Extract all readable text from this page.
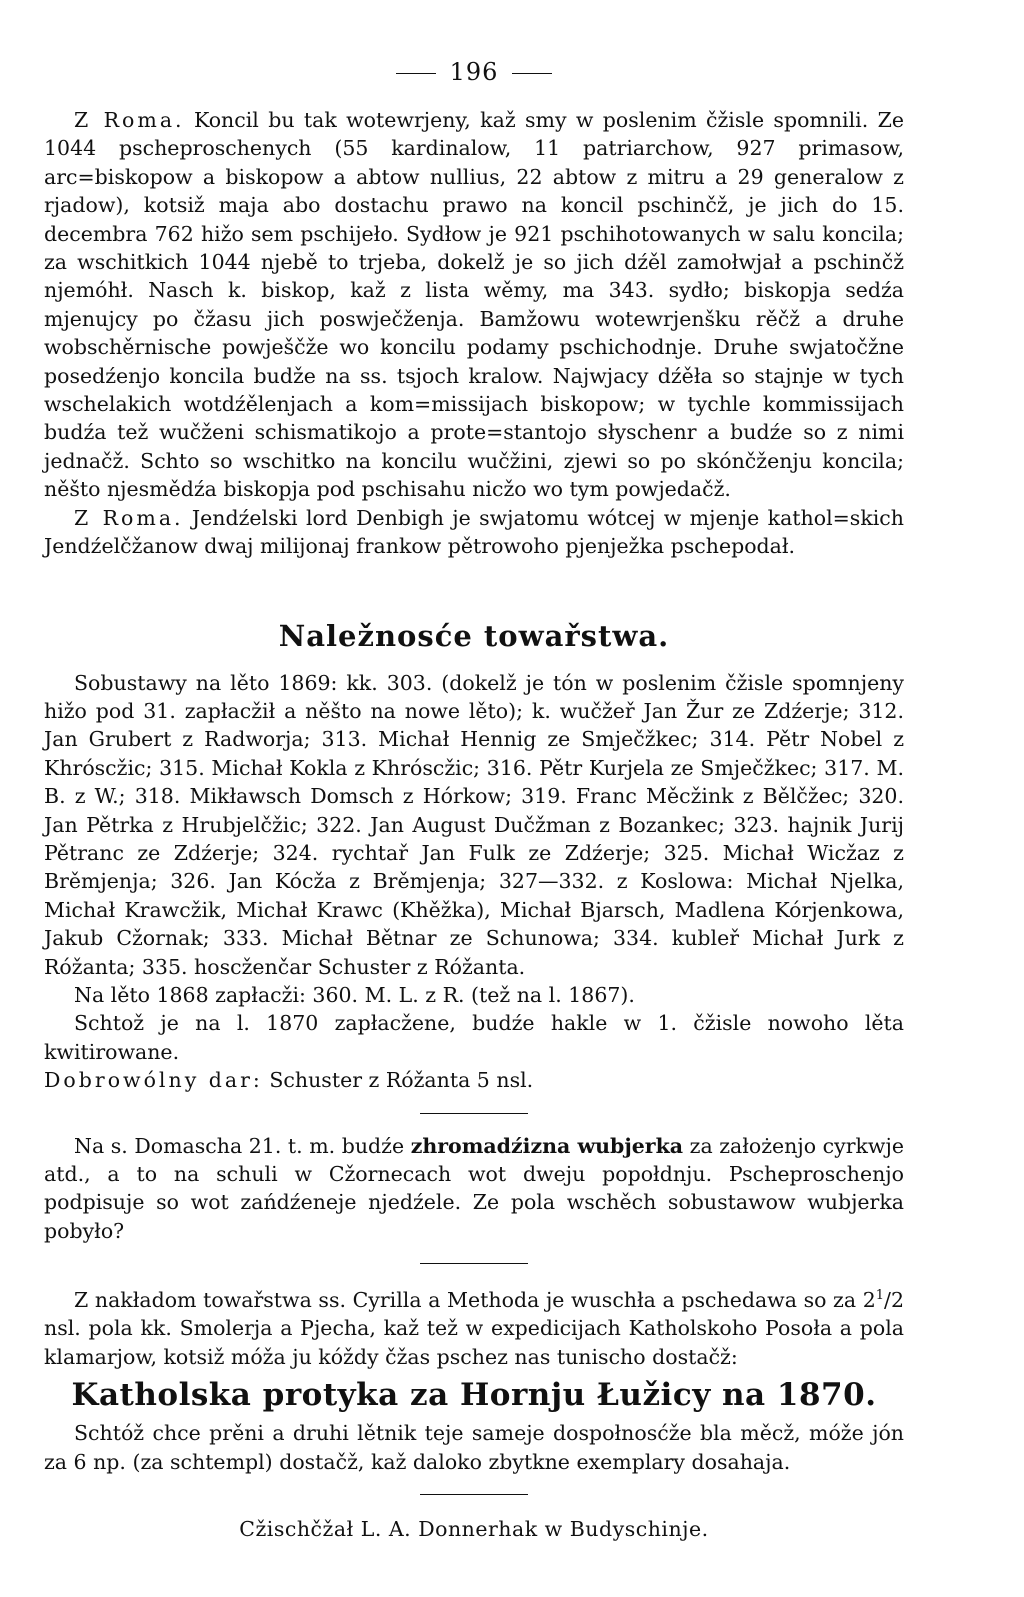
196

Z Roma. Koncil bu tak wotewrjeny, kaž smy w poslenim čžisle spomnili. Ze 1044 pscheproschenych (55 kardinalow, 11 patriarchow, 927 primasow, arc=biskopow a biskopow a abtow nullius, 22 abtow z mitru a 29 generalow z rjadow), kotsiž maja abo dostachu prawo na koncil pschinčž, je jich do 15. decembra 762 hižo sem pschijeło. Sydłow je 921 pschihotowanych w salu koncila; za wschitkich 1044 njebě to trjeba, dokelž je so jich dźěl zamołwjał a pschinčž njemóhł. Nasch k. biskop, kaž z lista wěmy, ma 343. sydło; biskopja sedźa mjenujcy po čžasu jich poswječženja. Bamžowu wotewrjenšku rěčž a druhe wobschěrnische powješčže wo koncilu podamy pschichodnje. Druhe swjatočžne posedźenjo koncila budže na ss. tsjoch kralow. Najwjacy dźěła so stajnje w tych wschelakich wotdźělenjach a kom=missijach biskopow; w tychle kommissijach budźa tež wučženi schismatikojo a prote=stantojo słyschenr a budźe so z nimi jednačž. Schto so wschitko na koncilu wučžini, zjewi so po skónčženju koncila; něšto njesmědźa biskopja pod pschisahu nicžo wo tym powjedačž.

Z Roma. Jendźelski lord Denbigh je swjatomu wótcej w mjenje kathol=skich Jendźelčžanow dwaj milijonaj frankow pětrowoho pjenježka pschepodał.

Naležnosće towařstwa.

Sobustawy na lěto 1869: kk. 303. (dokelž je tón w poslenim čžisle spomnjeny hižo pod 31. zapłacžił a něšto na nowe lěto); k. wučžeř Jan Žur ze Zdźerje; 312. Jan Grubert z Radworja; 313. Michał Hennig ze Smječžkec; 314. Pětr Nobel z Khróscžic; 315. Michał Kokla z Khróscžic; 316. Pětr Kurjela ze Smječžkec; 317. M. B. z W.; 318. Mikławsch Domsch z Hórkow; 319. Franc Měcžink z Bělčžec; 320. Jan Pětrka z Hrubjelčžic; 322. Jan August Dučžman z Bozankec; 323. hajnik Jurij Pětranc ze Zdźerje; 324. rychtař Jan Fulk ze Zdźerje; 325. Michał Wicžaz z Brěmjenja; 326. Jan Kócža z Brěmjenja; 327—332. z Koslowa: Michał Njelka, Michał Krawcžik, Michał Krawc (Khěžka), Michał Bjarsch, Madlena Kórjenkowa, Jakub Cžornak; 333. Michał Bětnar ze Schunowa; 334. kubleř Michał Jurk z Róžanta; 335. hoscženčar Schuster z Róžanta.

Na lěto 1868 zapłacži: 360. M. L. z R. (tež na l. 1867).

Schtož je na l. 1870 zapłacžene, budźe hakle w 1. čžisle nowoho lěta kwitirowane.

Dobrowólny dar: Schuster z Róžanta 5 nsl.

Na s. Domascha 21. t. m. budźe zhromadźizna wubjerka za założenjo cyrkwje atd., a to na schuli w Cžornecach wot dweju popołdnju. Pscheproschenjo podpisuje so wot zańdźeneje njedźele. Ze pola wschěch sobustawow wubjerka pobyło?

Z nakładom towařstwa ss. Cyrilla a Methoda je wuschła a pschedawa so za $2^1/2$ nsl. pola kk. Smolerja a Pjecha, kaž tež w expedicijach Katholskoho Posoła a pola klamarjow, kotsiž móža ju kóždy čžas pschez nas tunischo dostačž:

Katholska protyka za Hornju Łužicy na 1870.

Schtóž chce prěni a druhi lětnik teje sameje dospołnosćže bla měcž, móže jón za 6 np. (za schtempl) dostačž, kaž daloko zbytkne exemplary dosahaja.

Cžischčžał L. A. Donnerhak w Budyschinje.
